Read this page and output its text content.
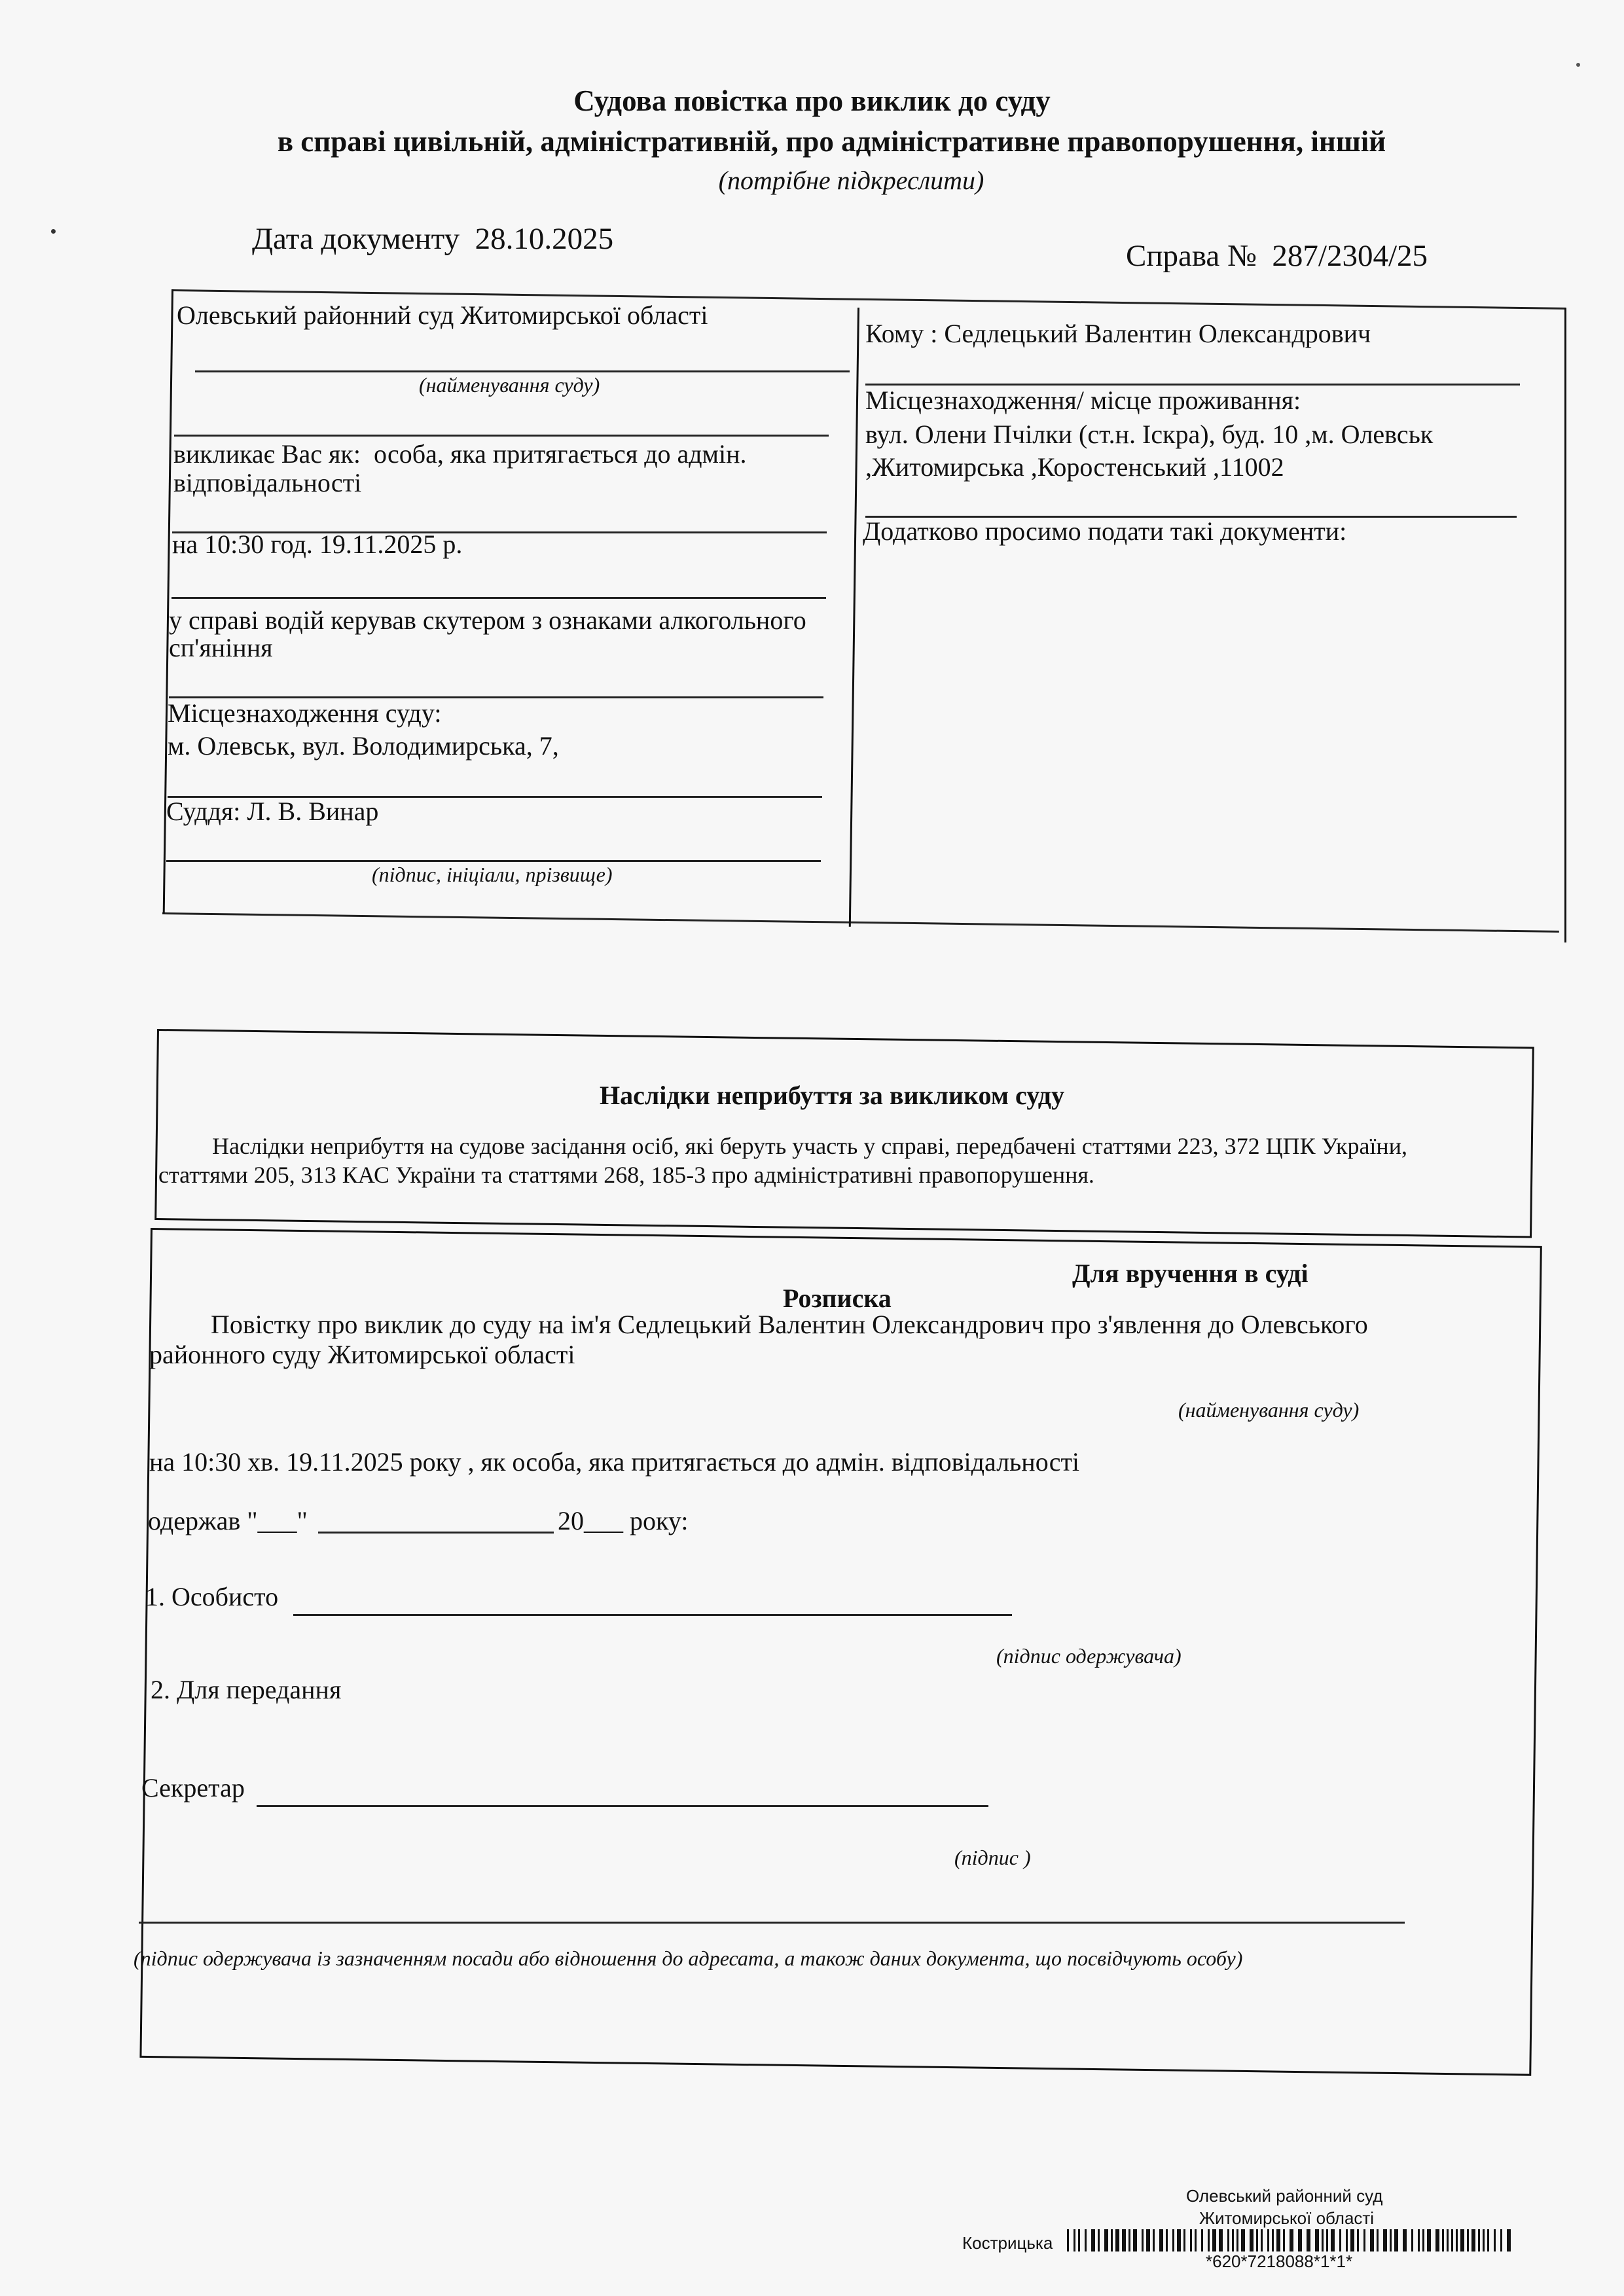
Судова повістка про виклик до суду
в справі цивільній, адміністративній, про адміністративне правопорушення, іншій
(потрібне підкреслити)
Дата документу 28.10.2025	Справа № 287/2304/25
Олевський районний суд Житомирської області
(найменування суду)
викликає Вас як: особа, яка притягається до адмін.
відповідальності
на 10:30 год. 19.11.2025 р.
у справі водій керував скутером з ознаками алкогольного
сп'яніння
Місцезнаходження суду:
м. Олевськ, вул. Володимирська, 7,
Суддя: Л. В. Винар
(підпис, ініціали, прізвище)
Кому : Седлецький Валентин Олександрович
Місцезнаходження/ місце проживання:
вул. Олени Пчілки (ст.н. Іскра), буд. 10 ,м. Олевськ
,Житомирська ,Коростенський ,11002
Додатково просимо подати такі документи:
Наслідки неприбуття за викликом суду
Наслідки неприбуття на судове засідання осіб, які беруть участь у справі, передбачені статтями 223, 372 ЦПК України,
статтями 205, 313 КАС України та статтями 268, 185-3 про адміністративні правопорушення.
Для вручення в суді
Розписка
Повістку про виклик до суду на ім'я Седлецький Валентин Олександрович про з'явлення до Олевського
районного суду Житомирської області
(найменування суду)
на 10:30 хв. 19.11.2025 року , як особа, яка притягається до адмін. відповідальності
одержав "___"	20___ року:
1. Особисто
(підпис одержувача)
2. Для передання
Секретар
(підпис )
(підпис одержувача із зазначенням посади або відношення до адресата, а також даних документа, що посвідчують особу)
Олевський районний суд
Житомирської області
Кострицька
*620*7218088*1*1*
